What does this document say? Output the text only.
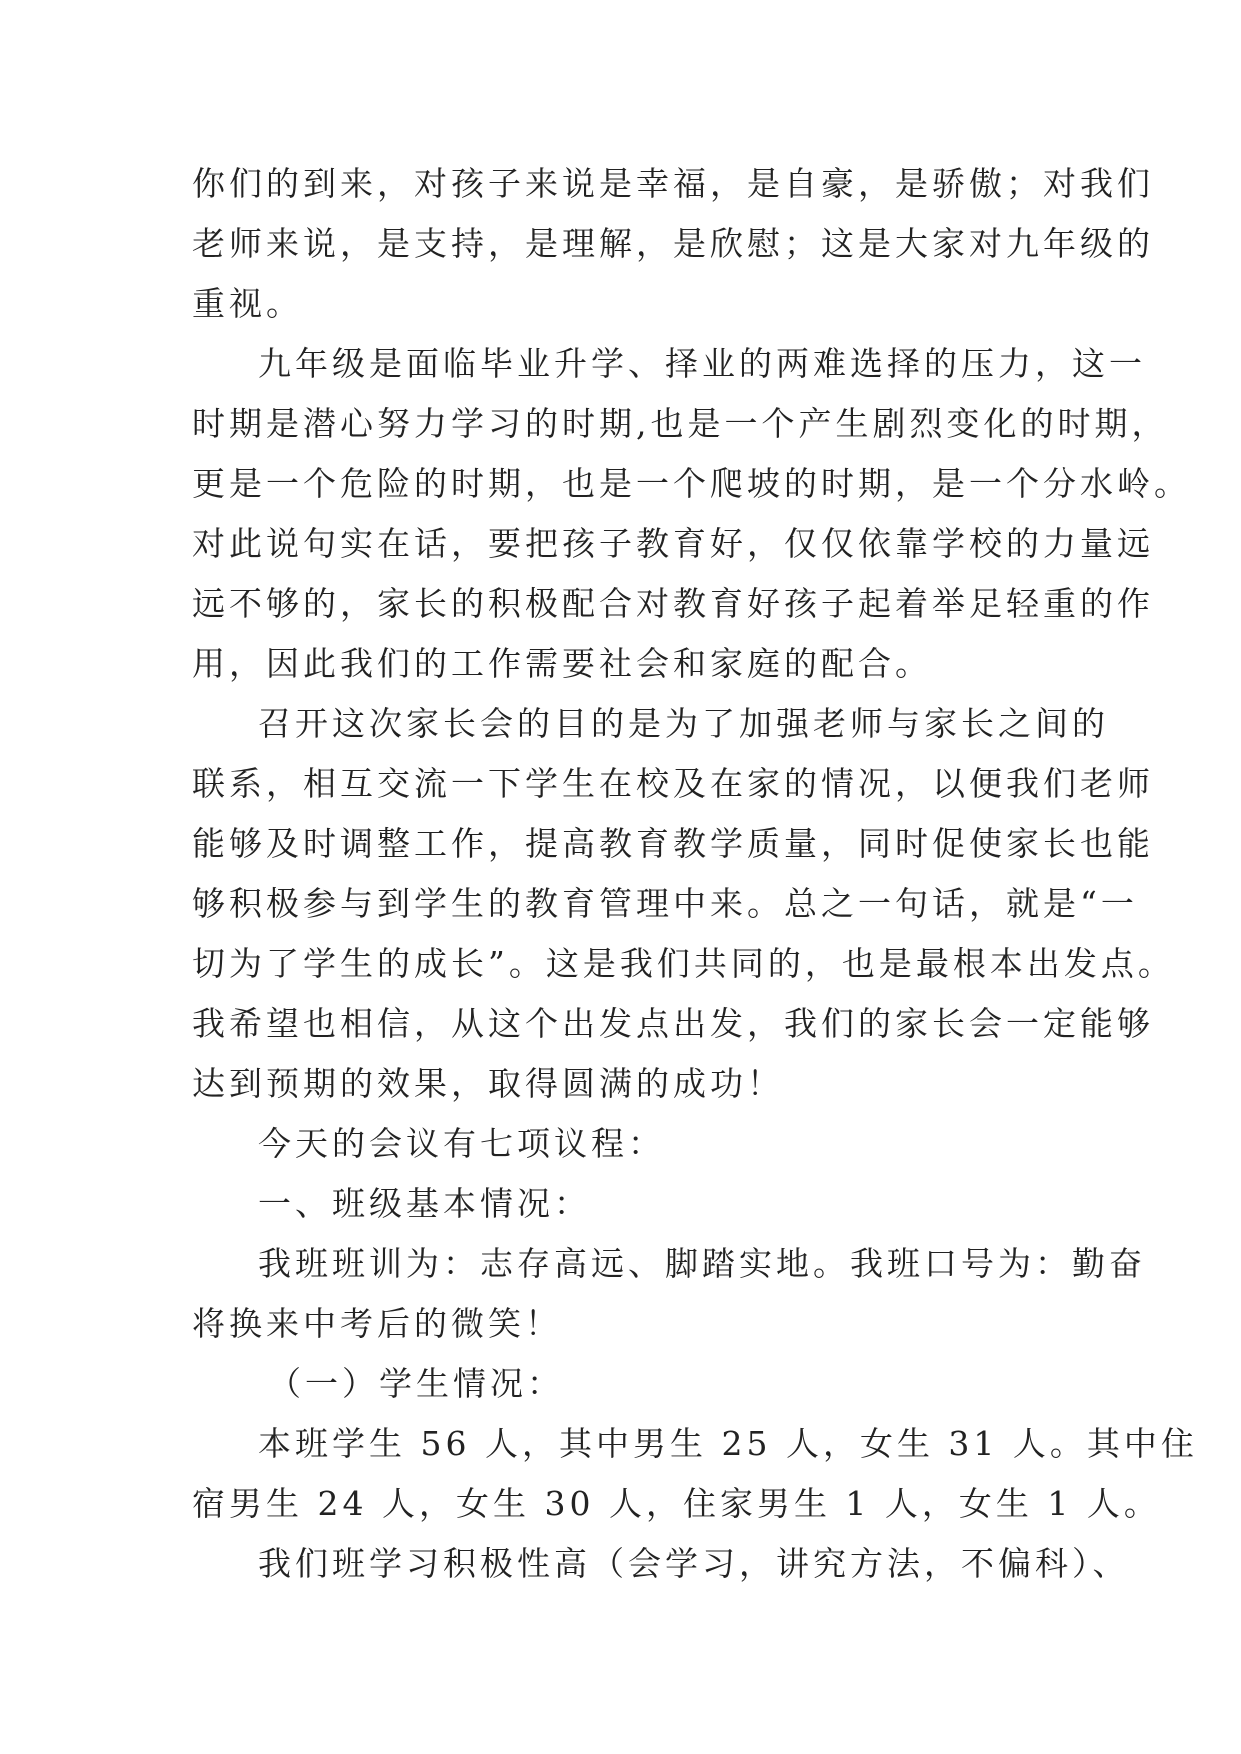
你们的到来，对孩子来说是幸福，是自豪，是骄傲；对我们
老师来说，是支持，是理解，是欣慰；这是大家对九年级的
重视。
九年级是面临毕业升学、择业的两难选择的压力，这一
时期是潜心努力学习的时期,也是一个产生剧烈变化的时期，
更是一个危险的时期，也是一个爬坡的时期，是一个分水岭。
对此说句实在话，要把孩子教育好，仅仅依靠学校的力量远
远不够的，家长的积极配合对教育好孩子起着举足轻重的作
用，因此我们的工作需要社会和家庭的配合。
召开这次家长会的目的是为了加强老师与家长之间的
联系，相互交流一下学生在校及在家的情况，以便我们老师
能够及时调整工作，提高教育教学质量，同时促使家长也能
够积极参与到学生的教育管理中来。总之一句话，就是“一
切为了学生的成长”。这是我们共同的，也是最根本出发点。
我希望也相信，从这个出发点出发，我们的家长会一定能够
达到预期的效果，取得圆满的成功！
今天的会议有七项议程：
一、班级基本情况：
我班班训为：志存高远、脚踏实地。我班口号为：勤奋
将换来中考后的微笑！
（一）学生情况：
本班学生 56 人，其中男生 25 人，女生 31 人。其中住
宿男生 24 人，女生 30 人，住家男生 1 人，女生 1 人。
我们班学习积极性高（会学习，讲究方法，不偏科）、
